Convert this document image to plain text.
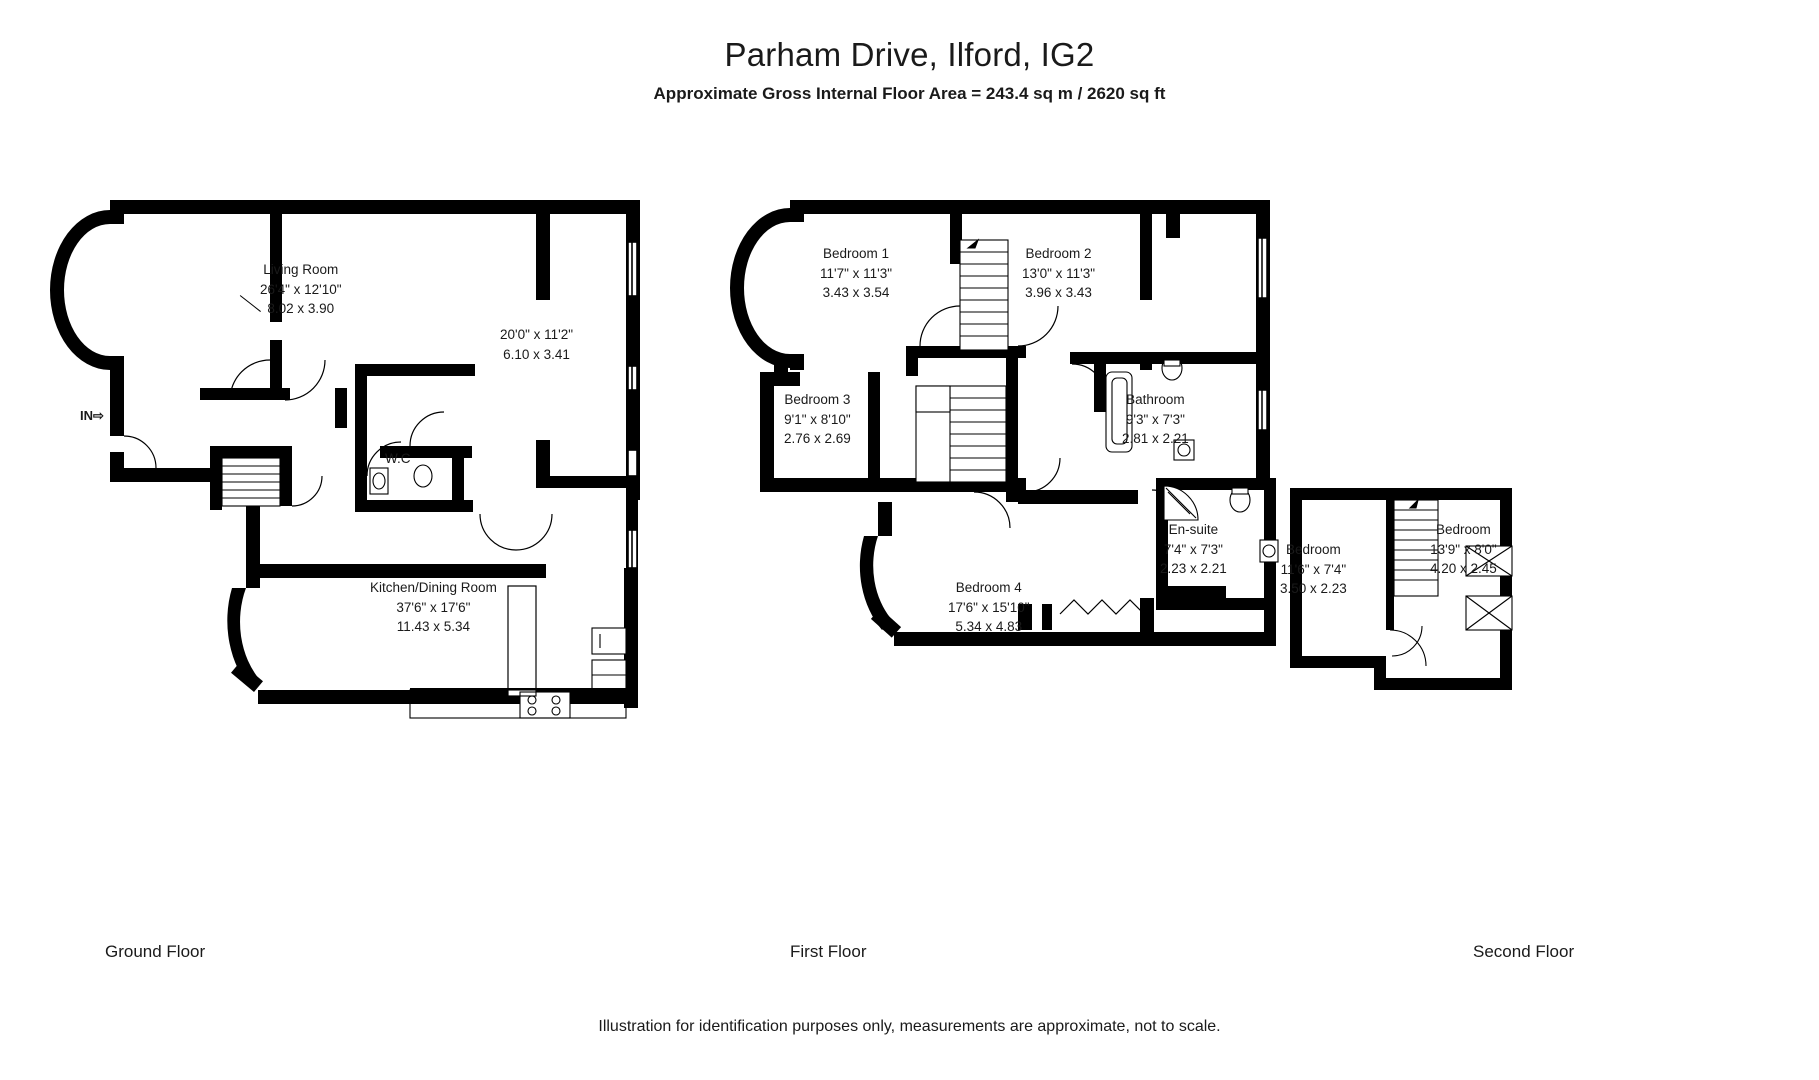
Parham Drive, Ilford, IG2
Approximate Gross Internal Floor Area = 243.4 sq m / 2620 sq ft
Living Room
26'4" x 12'10"
8.02 x 3.90
20'0" x 11'2"
6.10 x 3.41
W.C
Kitchen/Dining Room
37'6" x 17'6"
11.43 x 5.34
IN⇨
Bedroom 1
11'7" x 11'3"
3.43 x 3.54
Bedroom 2
13'0" x 11'3"
3.96 x 3.43
Bedroom 3
9'1" x 8'10"
2.76 x 2.69
Bathroom
9'3" x 7'3"
2.81 x 2.21
En-suite
7'4" x 7'3"
2.23 x 2.21
Bedroom 4
17'6" x 15'10"
5.34 x 4.83
Bedroom
11'6" x 7'4"
3.50 x 2.23
Bedroom
13'9" x 8'0"
4.20 x 2.45
Ground Floor	First Floor	Second Floor
Illustration for identification purposes only, measurements are approximate, not to scale.
